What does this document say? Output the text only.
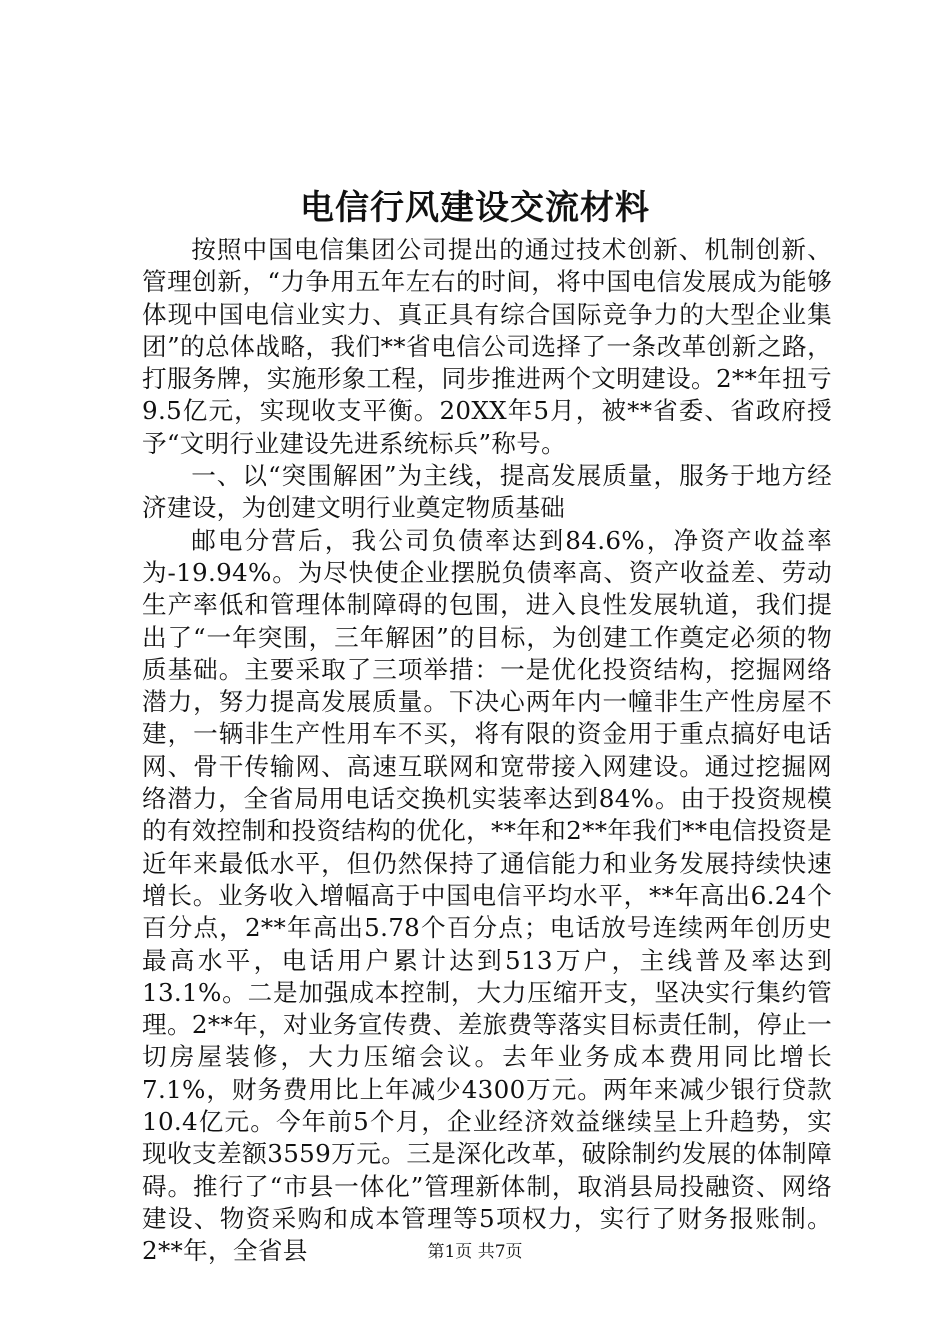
电信行风建设交流材料

按照中国电信集团公司提出的通过技术创新、机制创新、管理创新，“力争用五年左右的时间，将中国电信发展成为能够体现中国电信业实力、真正具有综合国际竞争力的大型企业集团”的总体战略，我们**省电信公司选择了一条改革创新之路，打服务牌，实施形象工程，同步推进两个文明建设。2**年扭亏9.5亿元，实现收支平衡。20XX年5月，被**省委、省政府授予“文明行业建设先进系统标兵”称号。

一、以“突围解困”为主线，提高发展质量，服务于地方经济建设，为创建文明行业奠定物质基础

邮电分营后，我公司负债率达到84.6%，净资产收益率为-19.94%。为尽快使企业摆脱负债率高、资产收益差、劳动生产率低和管理体制障碍的包围，进入良性发展轨道，我们提出了“一年突围，三年解困”的目标，为创建工作奠定必须的物质基础。主要采取了三项举措：一是优化投资结构，挖掘网络潜力，努力提高发展质量。下决心两年内一幢非生产性房屋不建，一辆非生产性用车不买，将有限的资金用于重点搞好电话网、骨干传输网、高速互联网和宽带接入网建设。通过挖掘网络潜力，全省局用电话交换机实装率达到84%。由于投资规模的有效控制和投资结构的优化，**年和2**年我们**电信投资是近年来最低水平，但仍然保持了通信能力和业务发展持续快速增长。业务收入增幅高于中国电信平均水平，**年高出6.24个百分点，2**年高出5.78个百分点；电话放号连续两年创历史最高水平，电话用户累计达到513万户，主线普及率达到13.1%。二是加强成本控制，大力压缩开支，坚决实行集约管理。2**年，对业务宣传费、差旅费等落实目标责任制，停止一切房屋装修，大力压缩会议。去年业务成本费用同比增长7.1%，财务费用比上年减少4300万元。两年来减少银行贷款10.4亿元。今年前5个月，企业经济效益继续呈上升趋势，实现收支差额3559万元。三是深化改革，破除制约发展的体制障碍。推行了“市县一体化”管理新体制，取消县局投融资、网络建设、物资采购和成本管理等5项权力，实行了财务报账制。2**年，全省县	第1页 共7页
